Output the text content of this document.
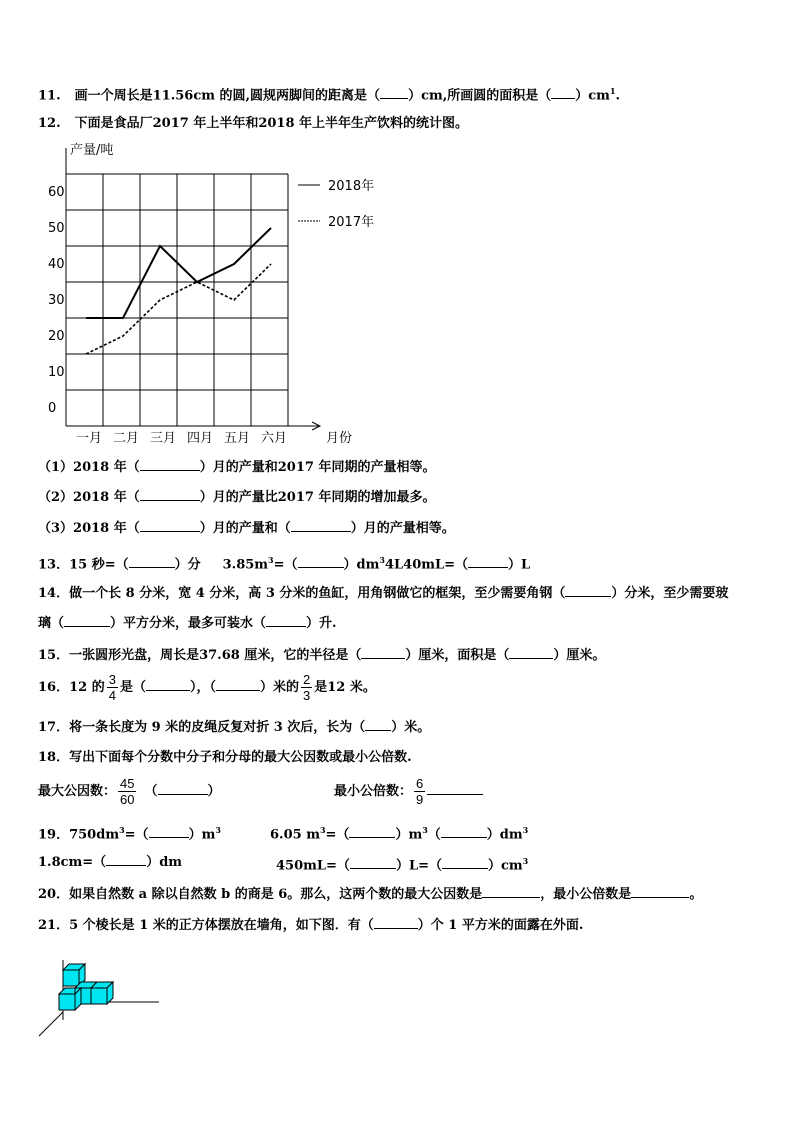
11. 画一个周长是11.56cm 的圆,圆规两脚间的距离是（ ）cm,所画圆的面积是（ ）$cm^1$.
12. 下面是食品厂2017 年上半年和2018 年上半年生产饮料的统计图。
产量/吨
月份
0
10
20
30
40
50
60
一月 二月 三月 四月 五月 六月
2018年
2017年
（1）2018 年（	）月的产量和2017 年同期的产量相等。
（2）2018 年（	）月的产量比2017 年同期的增加最多。
（3）2018 年（	）月的产量和（	）月的产量相等。
13．15 秒=（	）分 $3.85m^3=$（	）$dm^34L40mL=$（	）L
14．做一个长 8 分米，宽 4 分米，高 3 分米的鱼缸，用角钢做它的框架，至少需要角钢（	）分米，至少需要玻
璃（	）平方分米，最多可装水（	）升.
15．一张圆形光盘，周长是37.68 厘米，它的半径是（	）厘米，面积是（	）厘米。
16．12 的 $\frac{3}{4}$ 是（	），（	）米的 $\frac{2}{3}$ 是12 米。
17．将一条长度为 9 米的皮绳反复对折 3 次后，长为（ ）米。
18．写出下面每个分数中分子和分母的最大公因数或最小公倍数.
最大公因数： $\frac{45}{60}$ （	）	最小公倍数： $\frac{6}{9}$
19．$750dm^3=$（	）$m^3$	6.05 $m^3=$（	）$m^3$（	）$dm^3$
1.8cm=（	）dm	450mL=（	）L=（	）$cm^3$
20．如果自然数 a 除以自然数 b 的商是 6。那么，这两个数的最大公因数是	，最小公倍数是	。
21．5 个棱长是 1 米的正方体摆放在墙角，如下图．有（	）个 1 平方米的面露在外面.
